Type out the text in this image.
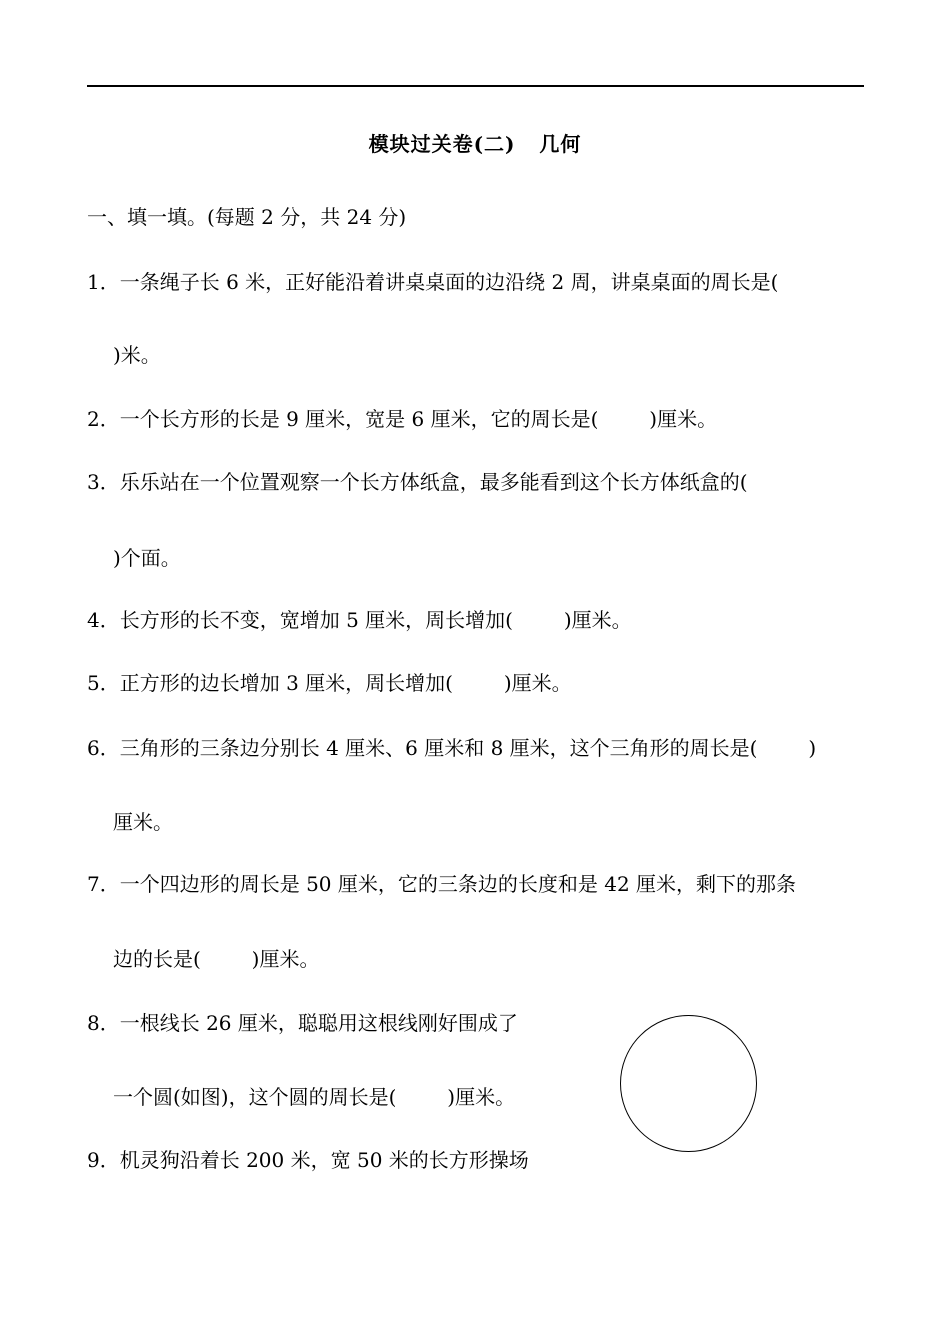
模块过关卷(二)   几何
一、填一填。(每题 2 分，共 24 分)
1．一条绳子长 6 米，正好能沿着讲桌桌面的边沿绕 2 周，讲桌桌面的周长是(
)米。
2．一个长方形的长是 9 厘米，宽是 6 厘米，它的周长是(        )厘米。
3．乐乐站在一个位置观察一个长方体纸盒，最多能看到这个长方体纸盒的(
)个面。
4．长方形的长不变，宽增加 5 厘米，周长增加(        )厘米。
5．正方形的边长增加 3 厘米，周长增加(        )厘米。
6．三角形的三条边分别长 4 厘米、6 厘米和 8 厘米，这个三角形的周长是(        )
厘米。
7．一个四边形的周长是 50 厘米，它的三条边的长度和是 42 厘米，剩下的那条
边的长是(        )厘米。
8．一根线长 26 厘米，聪聪用这根线刚好围成了
一个圆(如图)，这个圆的周长是(        )厘米。
9．机灵狗沿着长 200 米，宽 50 米的长方形操场
